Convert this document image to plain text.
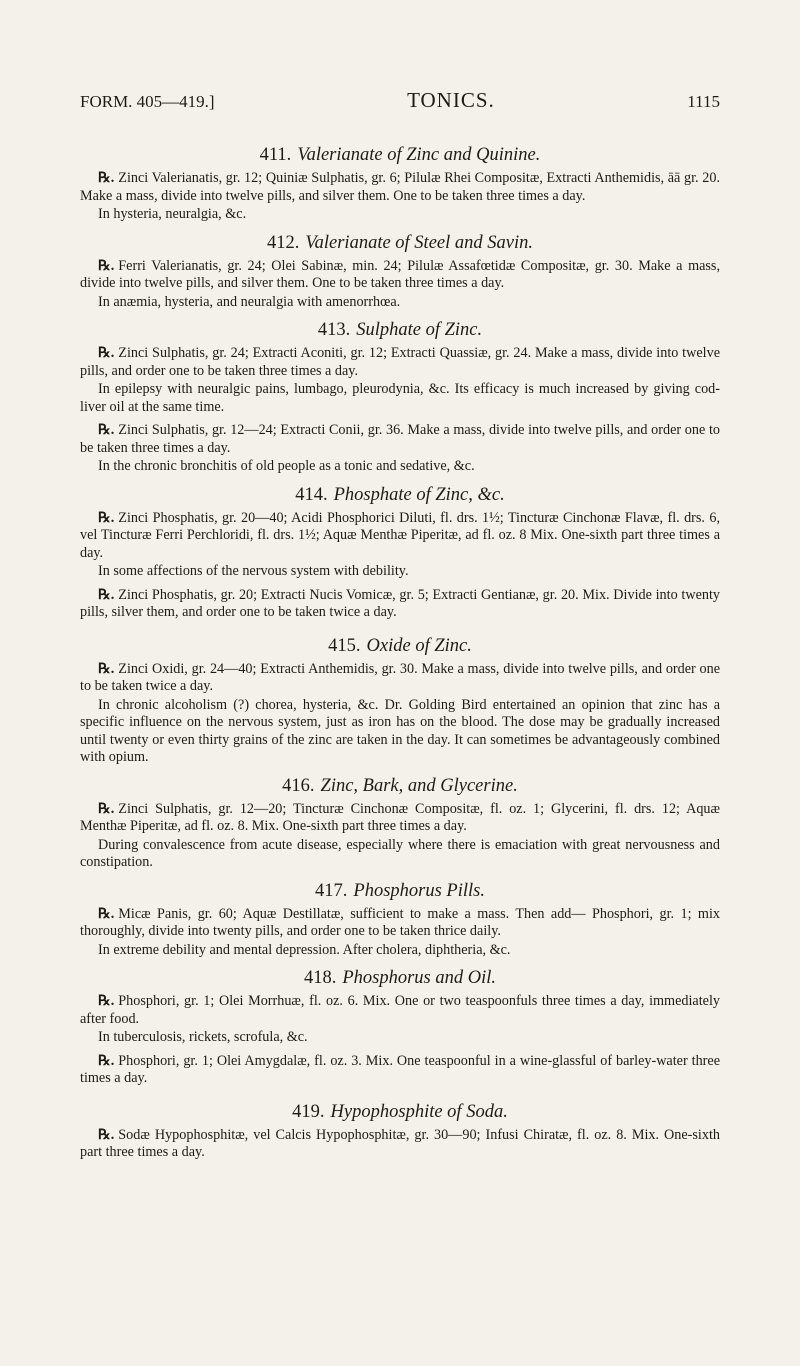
FORM. 405—419.]	TONICS.	1115
411. Valerianate of Zinc and Quinine.

℞. Zinci Valerianatis, gr. 12; Quiniæ Sulphatis, gr. 6; Pilulæ Rhei Compositæ, Extracti Anthemidis, āā gr. 20. Make a mass, divide into twelve pills, and silver them. One to be taken three times a day.

In hysteria, neuralgia, &c.

412. Valerianate of Steel and Savin.

℞. Ferri Valerianatis, gr. 24; Olei Sabinæ, min. 24; Pilulæ Assafœtidæ Compositæ, gr. 30. Make a mass, divide into twelve pills, and silver them. One to be taken three times a day.

In anæmia, hysteria, and neuralgia with amenorrhœa.

413. Sulphate of Zinc.

℞. Zinci Sulphatis, gr. 24; Extracti Aconiti, gr. 12; Extracti Quassiæ, gr. 24. Make a mass, divide into twelve pills, and order one to be taken three times a day.

In epilepsy with neuralgic pains, lumbago, pleurodynia, &c. Its efficacy is much increased by giving cod-liver oil at the same time.

℞. Zinci Sulphatis, gr. 12—24; Extracti Conii, gr. 36. Make a mass, divide into twelve pills, and order one to be taken three times a day.

In the chronic bronchitis of old people as a tonic and sedative, &c.

414. Phosphate of Zinc, &c.

℞. Zinci Phosphatis, gr. 20—40; Acidi Phosphorici Diluti, fl. drs. 1½; Tincturæ Cinchonæ Flavæ, fl. drs. 6, vel Tincturæ Ferri Perchloridi, fl. drs. 1½; Aquæ Menthæ Piperitæ, ad fl. oz. 8 Mix. One-sixth part three times a day.

In some affections of the nervous system with debility.

℞. Zinci Phosphatis, gr. 20; Extracti Nucis Vomicæ, gr. 5; Extracti Gentianæ, gr. 20. Mix. Divide into twenty pills, silver them, and order one to be taken twice a day.

415. Oxide of Zinc.

℞. Zinci Oxidi, gr. 24—40; Extracti Anthemidis, gr. 30. Make a mass, divide into twelve pills, and order one to be taken twice a day.

In chronic alcoholism (?) chorea, hysteria, &c. Dr. Golding Bird entertained an opinion that zinc has a specific influence on the nervous system, just as iron has on the blood. The dose may be gradually increased until twenty or even thirty grains of the zinc are taken in the day. It can sometimes be advantageously combined with opium.

416. Zinc, Bark, and Glycerine.

℞. Zinci Sulphatis, gr. 12—20; Tincturæ Cinchonæ Compositæ, fl. oz. 1; Glycerini, fl. drs. 12; Aquæ Menthæ Piperitæ, ad fl. oz. 8. Mix. One-sixth part three times a day.

During convalescence from acute disease, especially where there is emaciation with great nervousness and constipation.

417. Phosphorus Pills.

℞. Micæ Panis, gr. 60; Aquæ Destillatæ, sufficient to make a mass. Then add— Phosphori, gr. 1; mix thoroughly, divide into twenty pills, and order one to be taken thrice daily.

In extreme debility and mental depression. After cholera, diphtheria, &c.

418. Phosphorus and Oil.

℞. Phosphori, gr. 1; Olei Morrhuæ, fl. oz. 6. Mix. One or two teaspoonfuls three times a day, immediately after food.

In tuberculosis, rickets, scrofula, &c.

℞. Phosphori, gr. 1; Olei Amygdalæ, fl. oz. 3. Mix. One teaspoonful in a wine-glassful of barley-water three times a day.

419. Hypophosphite of Soda.

℞. Sodæ Hypophosphitæ, vel Calcis Hypophosphitæ, gr. 30—90; Infusi Chiratæ, fl. oz. 8. Mix. One-sixth part three times a day.
